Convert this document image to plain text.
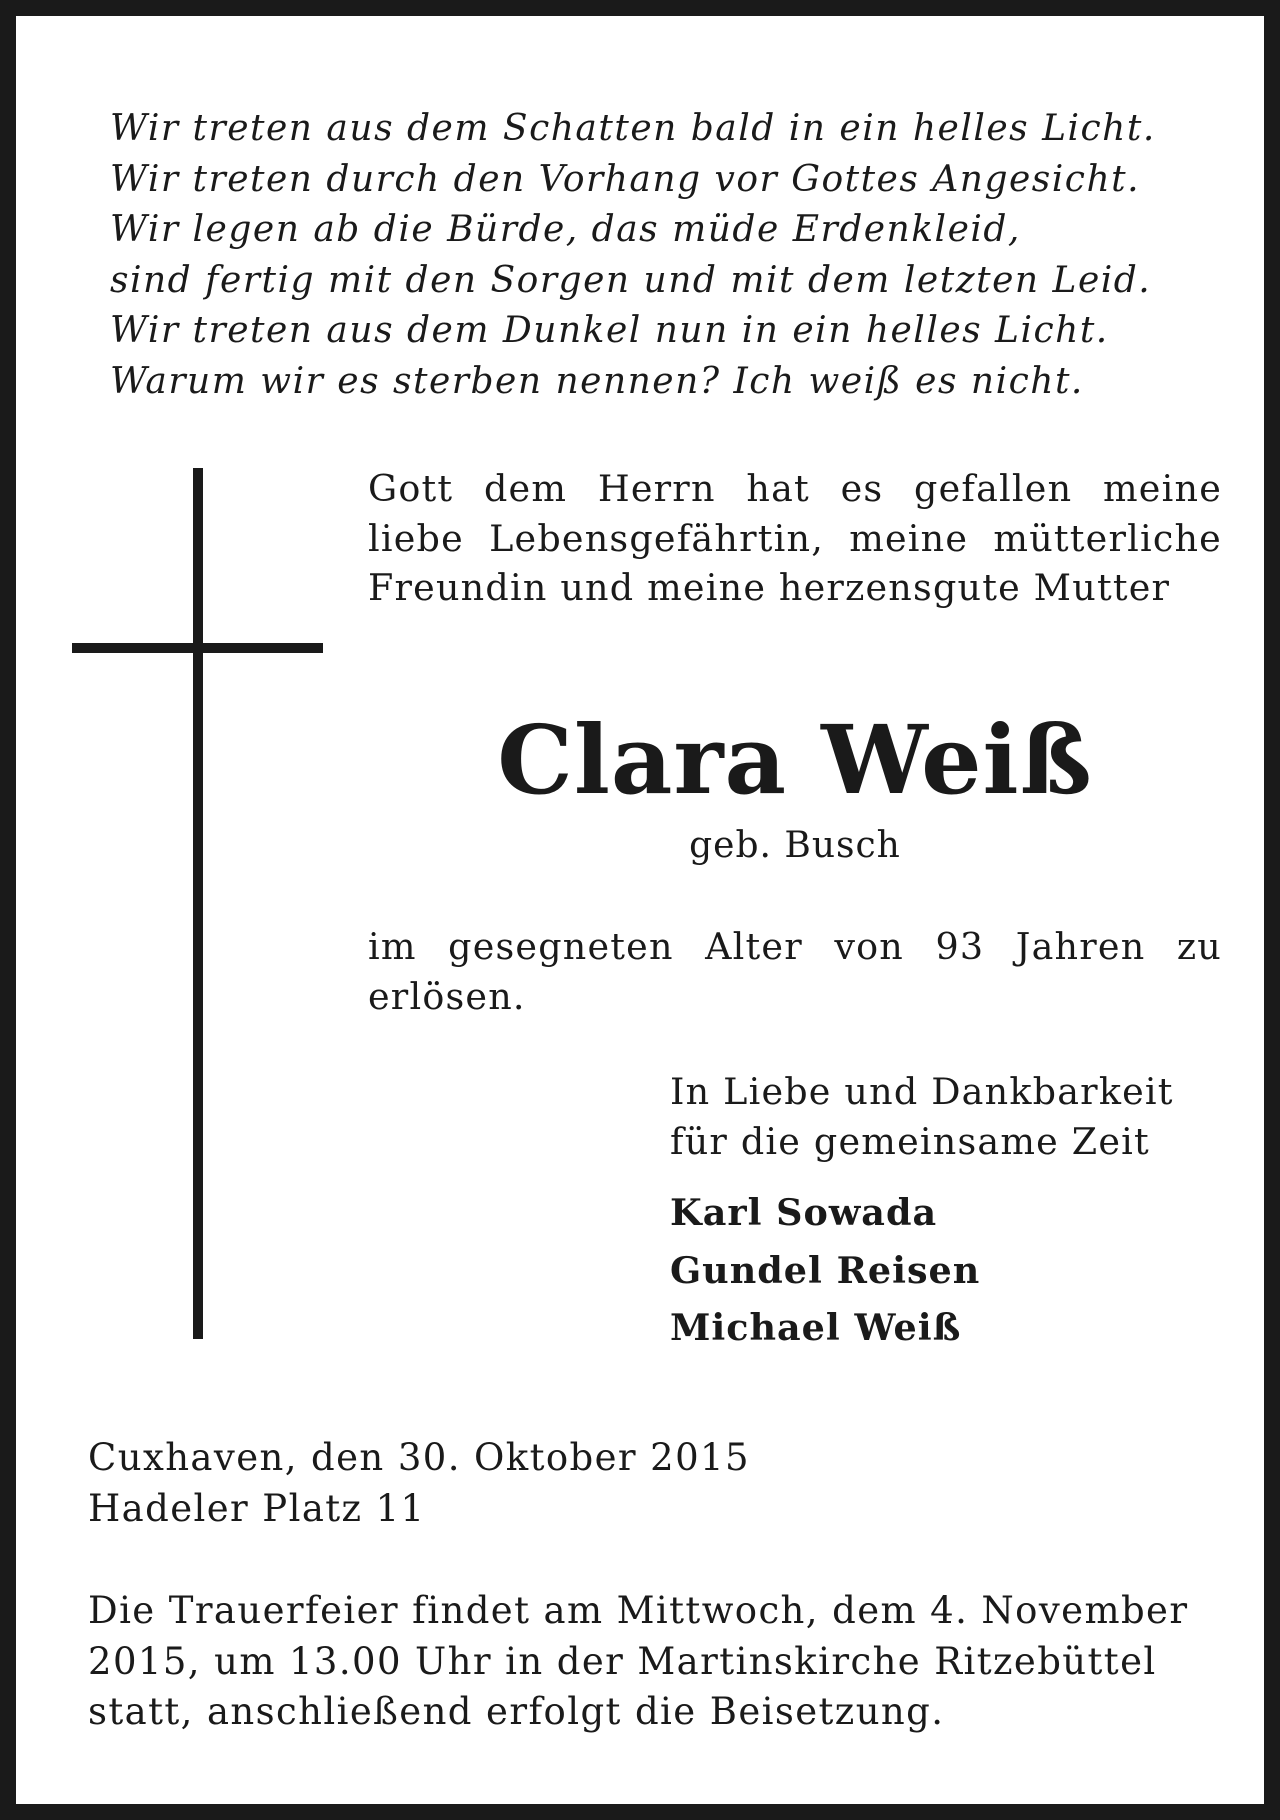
Wir treten aus dem Schatten bald in ein helles Licht.
Wir treten durch den Vorhang vor Gottes Angesicht.
Wir legen ab die Bürde, das müde Erdenkleid,
sind fertig mit den Sorgen und mit dem letzten Leid.
Wir treten aus dem Dunkel nun in ein helles Licht.
Warum wir es sterben nennen? Ich weiß es nicht.

Gott dem Herrn hat es gefallen meine liebe Lebensgefährtin, meine mütterliche Freundin und meine herzensgute Mutter

Clara Weiß

geb. Busch

im gesegneten Alter von 93 Jahren zu erlösen.

In Liebe und Dankbarkeit
für die gemeinsame Zeit

Karl Sowada
Gundel Reisen
Michael Weiß

Cuxhaven, den 30. Oktober 2015
Hadeler Platz 11

Die Trauerfeier findet am Mittwoch, dem 4. November
2015, um 13.00 Uhr in der Martinskirche Ritzebüttel
statt, anschließend erfolgt die Beisetzung.
